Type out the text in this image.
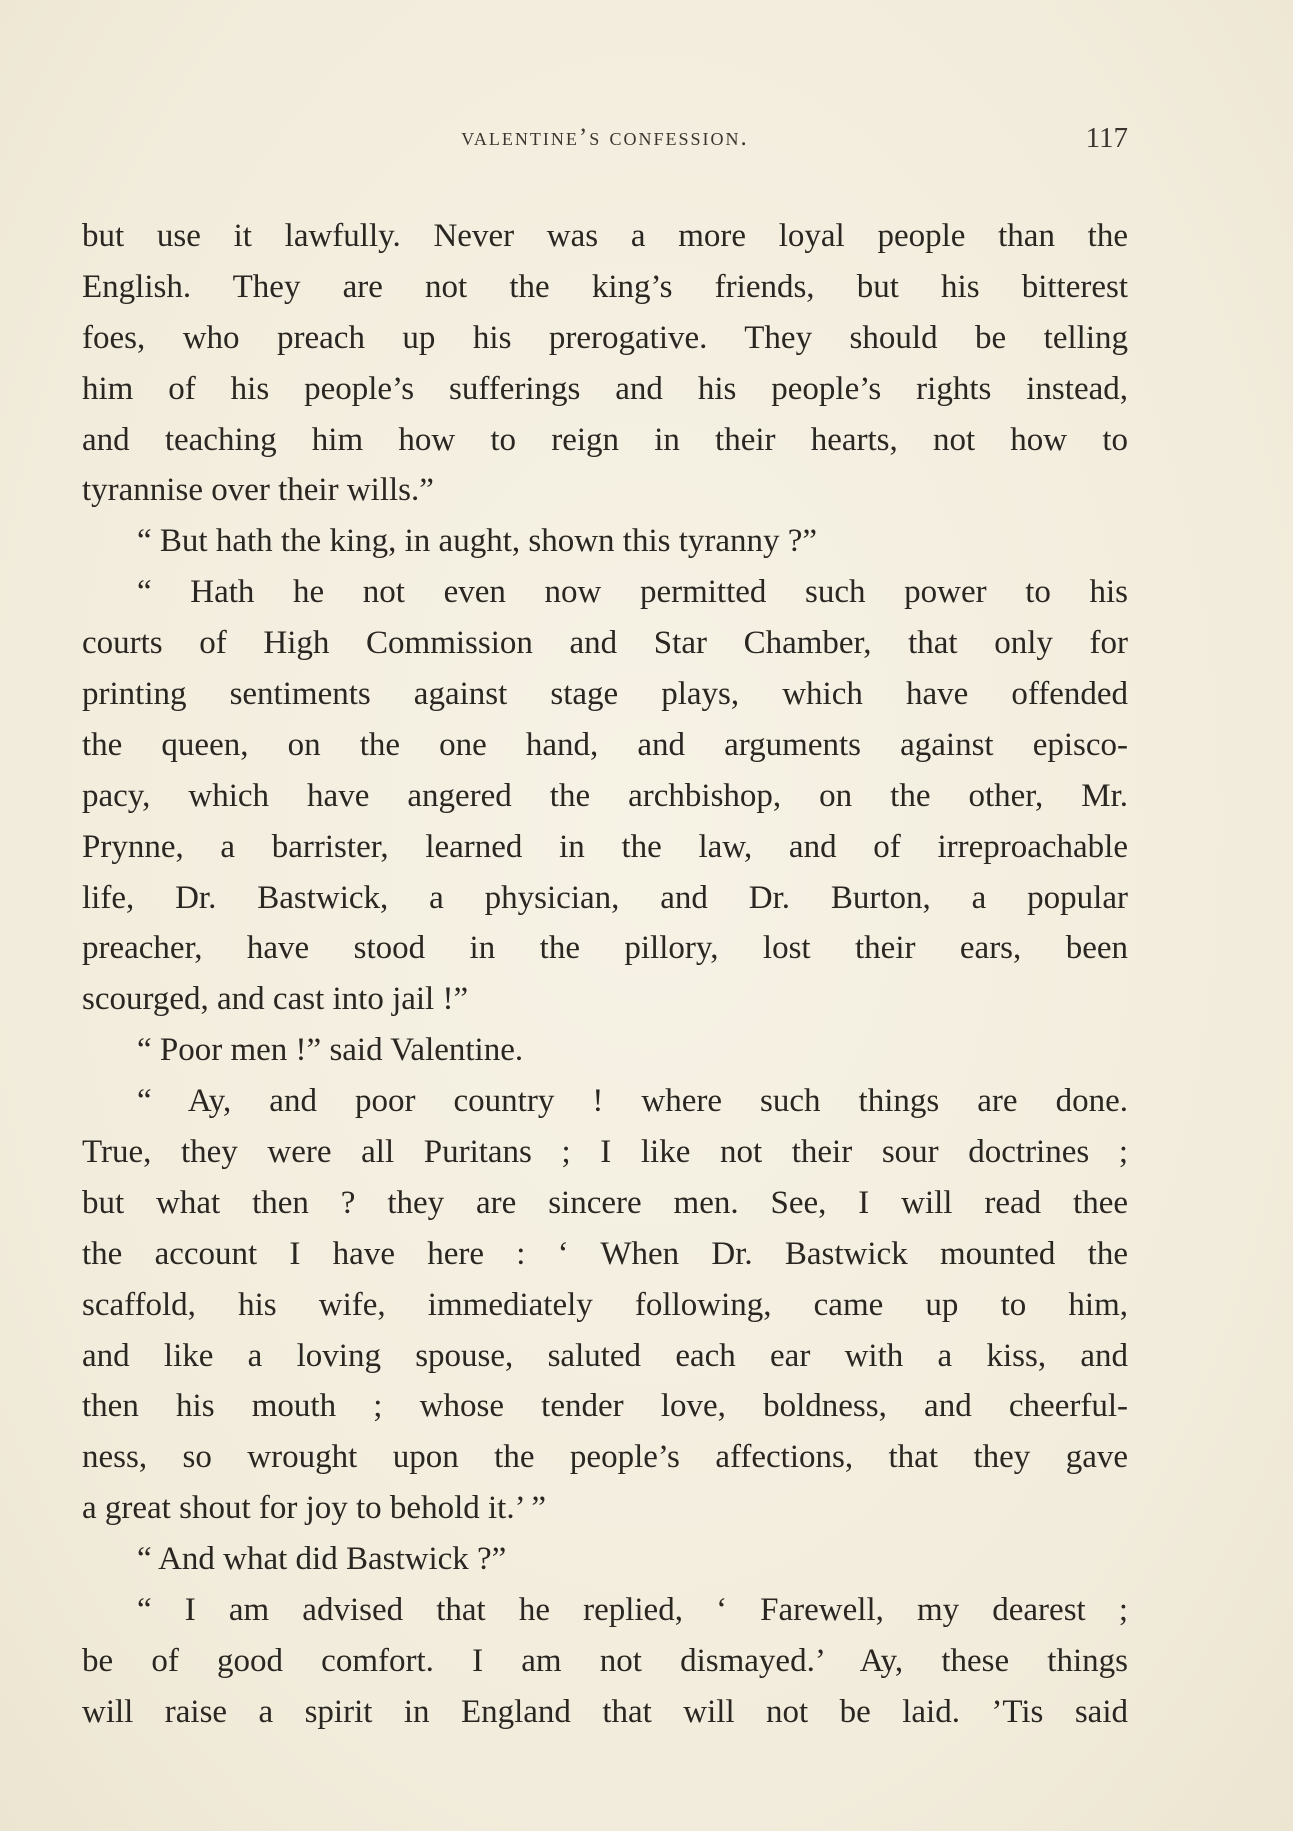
valentine’s confession.	117
but use it lawfully. Never was a more loyal people than the
English. They are not the king’s friends, but his bitterest
foes, who preach up his prerogative. They should be telling
him of his people’s sufferings and his people’s rights instead,
and teaching him how to reign in their hearts, not how to
tyrannise over their wills.”
“ But hath the king, in aught, shown this tyranny ?”
“ Hath he not even now permitted such power to his
courts of High Commission and Star Chamber, that only for
printing sentiments against stage plays, which have offended
the queen, on the one hand, and arguments against episco-
pacy, which have angered the archbishop, on the other, Mr.
Prynne, a barrister, learned in the law, and of irreproachable
life, Dr. Bastwick, a physician, and Dr. Burton, a popular
preacher, have stood in the pillory, lost their ears, been
scourged, and cast into jail !”
“ Poor men !” said Valentine.
“ Ay, and poor country ! where such things are done.
True, they were all Puritans ; I like not their sour doctrines ;
but what then ? they are sincere men. See, I will read thee
the account I have here : ‘ When Dr. Bastwick mounted the
scaffold, his wife, immediately following, came up to him,
and like a loving spouse, saluted each ear with a kiss, and
then his mouth ; whose tender love, boldness, and cheerful-
ness, so wrought upon the people’s affections, that they gave
a great shout for joy to behold it.’ ”
“ And what did Bastwick ?”
“ I am advised that he replied, ‘ Farewell, my dearest ;
be of good comfort. I am not dismayed.’ Ay, these things
will raise a spirit in England that will not be laid. ’Tis said
